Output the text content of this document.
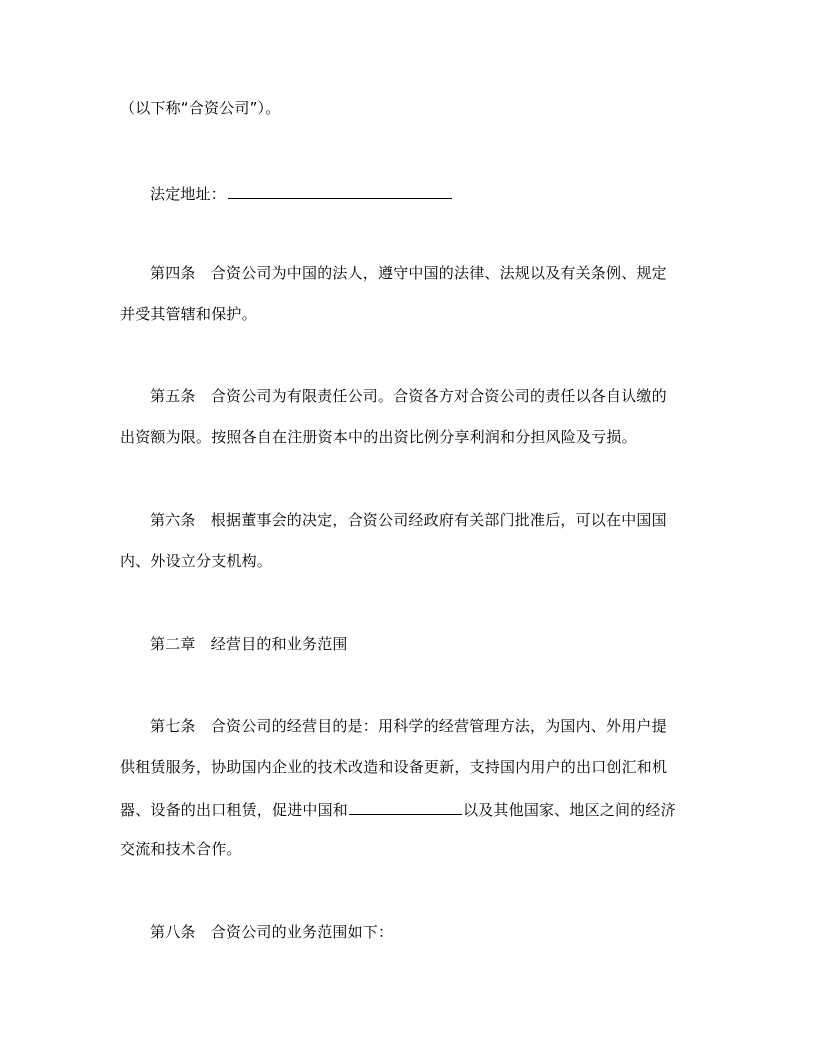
（以下称“合资公司”）。
法定地址：
第四条　合资公司为中国的法人，遵守中国的法律、法规以及有关条例、规定
并受其管辖和保护。
第五条　合资公司为有限责任公司。合资各方对合资公司的责任以各自认缴的
出资额为限。按照各自在注册资本中的出资比例分享利润和分担风险及亏损。
第六条　根据董事会的决定，合资公司经政府有关部门批准后，可以在中国国
内、外设立分支机构。
第二章　经营目的和业务范围
第七条　合资公司的经营目的是：用科学的经营管理方法，为国内、外用户提
供租赁服务，协助国内企业的技术改造和设备更新，支持国内用户的出口创汇和机
器、设备的出口租赁，促进中国和	以及其他国家、地区之间的经济
交流和技术合作。
第八条　合资公司的业务范围如下：
